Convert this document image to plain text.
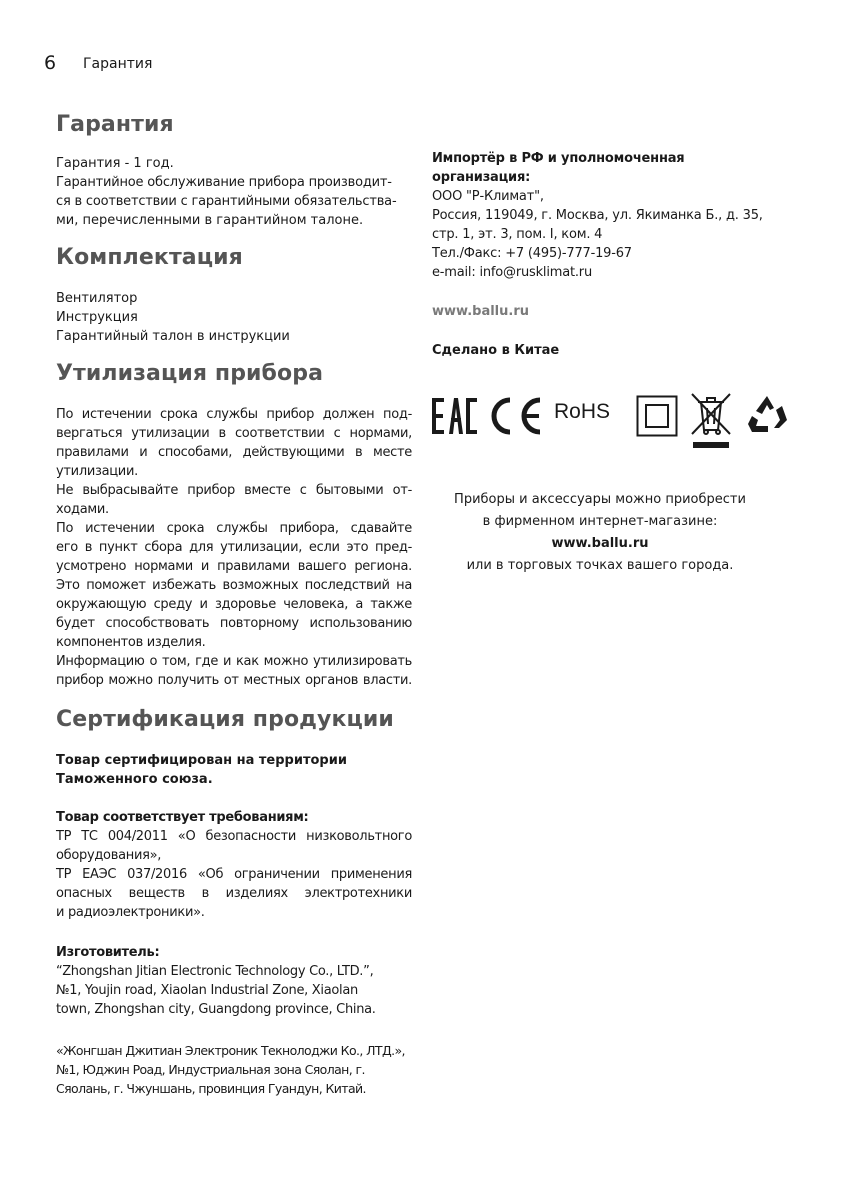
6 Гарантия
Гарантия
Гарантия - 1 год.
Гарантийное обслуживание прибора производит-
ся в соответствии с гарантийными обязательства-
ми, перечисленными в гарантийном талоне.
Комплектация
Вентилятор
Инструкция
Гарантийный талон в инструкции
Утилизация прибора
По истечении срока службы прибор должен под-
вергаться утилизации в соответствии с нормами,
правилами и способами, действующими в месте
утилизации.
Не выбрасывайте прибор вместе с бытовыми от-
ходами.
По истечении срока службы прибора, сдавайте
его в пункт сбора для утилизации, если это пред-
усмотрено нормами и правилами вашего региона.
Это поможет избежать возможных последствий на
окружающую среду и здоровье человека, а также
будет способствовать повторному использованию
компонентов изделия.
Информацию о том, где и как можно утилизировать
прибор можно получить от местных органов власти.
Сертификация продукции
Товар сертифицирован на территории
Таможенного союза.
Товар соответствует требованиям:
ТР ТС 004/2011 «О безопасности низковольтного
оборудования»,
ТР ЕАЭС 037/2016 «Об ограничении применения
опасных веществ в изделиях электротехники
и радиоэлектроники».
Изготовитель:
“Zhongshan Jitian Electronic Technology Co., LTD.”,
№1, Youjin road, Xiaolan Industrial Zone, Xiaolan
town, Zhongshan city, Guangdong province, China.
«Жонгшан Джитиан Электроник Текнолоджи Ко., ЛТД.»,
№1, Юджин Роад, Индустриальная зона Сяолан, г.
Сяолань, г. Чжуншань, провинция Гуандун, Китай.
Импортёр в РФ и уполномоченная
организация:
ООО "Р-Климат",
Россия, 119049, г. Москва, ул. Якиманка Б., д. 35,
стр. 1, эт. 3, пом. I, ком. 4
Тел./Факс: +7 (495)-777-19-67
e-mail: info@rusklimat.ru
www.ballu.ru
Сделано в Китае
RoHS
Приборы и аксессуары можно приобрести
в фирменном интернет-магазине:
www.ballu.ru
или в торговых точках вашего города.
